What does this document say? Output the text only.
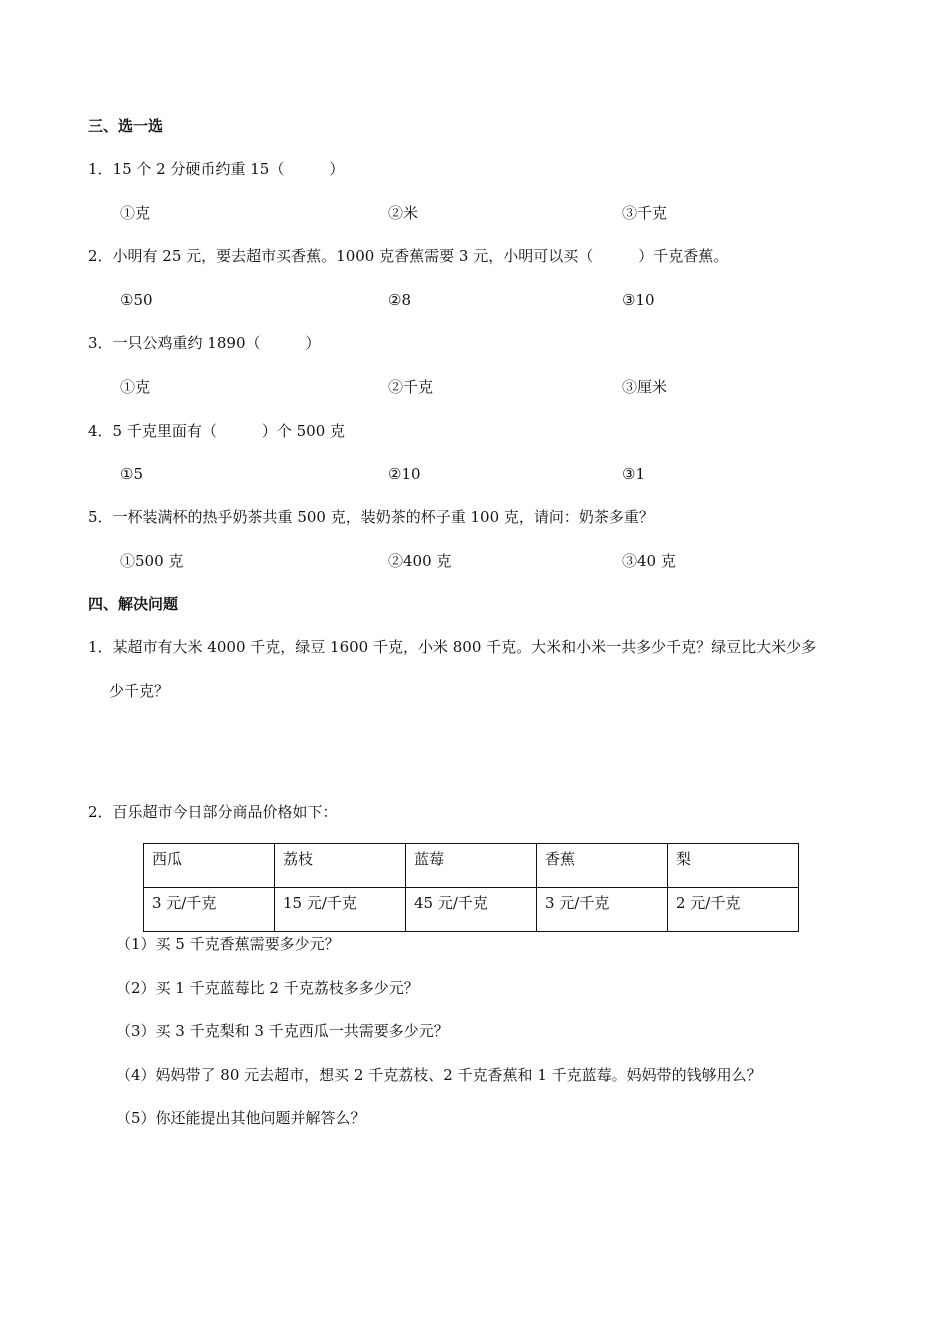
三、选一选
1．15 个 2 分硬币约重 15（　　　）
①克	②米	③千克
2．小明有 25 元，要去超市买香蕉。1000 克香蕉需要 3 元，小明可以买（　　　）千克香蕉。
①50	②8	③10
3．一只公鸡重约 1890（　　　）
①克	②千克	③厘米
4．5 千克里面有（　　　）个 500 克
①5	②10	③1
5．一杯装满杯的热乎奶茶共重 500 克，装奶茶的杯子重 100 克，请问：奶茶多重？
①500 克	②400 克	③40 克
四、解决问题
1．某超市有大米 4000 千克，绿豆 1600 千克，小米 800 千克。大米和小米一共多少千克？绿豆比大米少多
少千克？
2．百乐超市今日部分商品价格如下：
西瓜	荔枝	蓝莓	香蕉	梨
3 元/千克	15 元/千克	45 元/千克	3 元/千克	2 元/千克
（1）买 5 千克香蕉需要多少元？
（2）买 1 千克蓝莓比 2 千克荔枝多多少元？
（3）买 3 千克梨和 3 千克西瓜一共需要多少元？
（4）妈妈带了 80 元去超市，想买 2 千克荔枝、2 千克香蕉和 1 千克蓝莓。妈妈带的钱够用么？
（5）你还能提出其他问题并解答么？
